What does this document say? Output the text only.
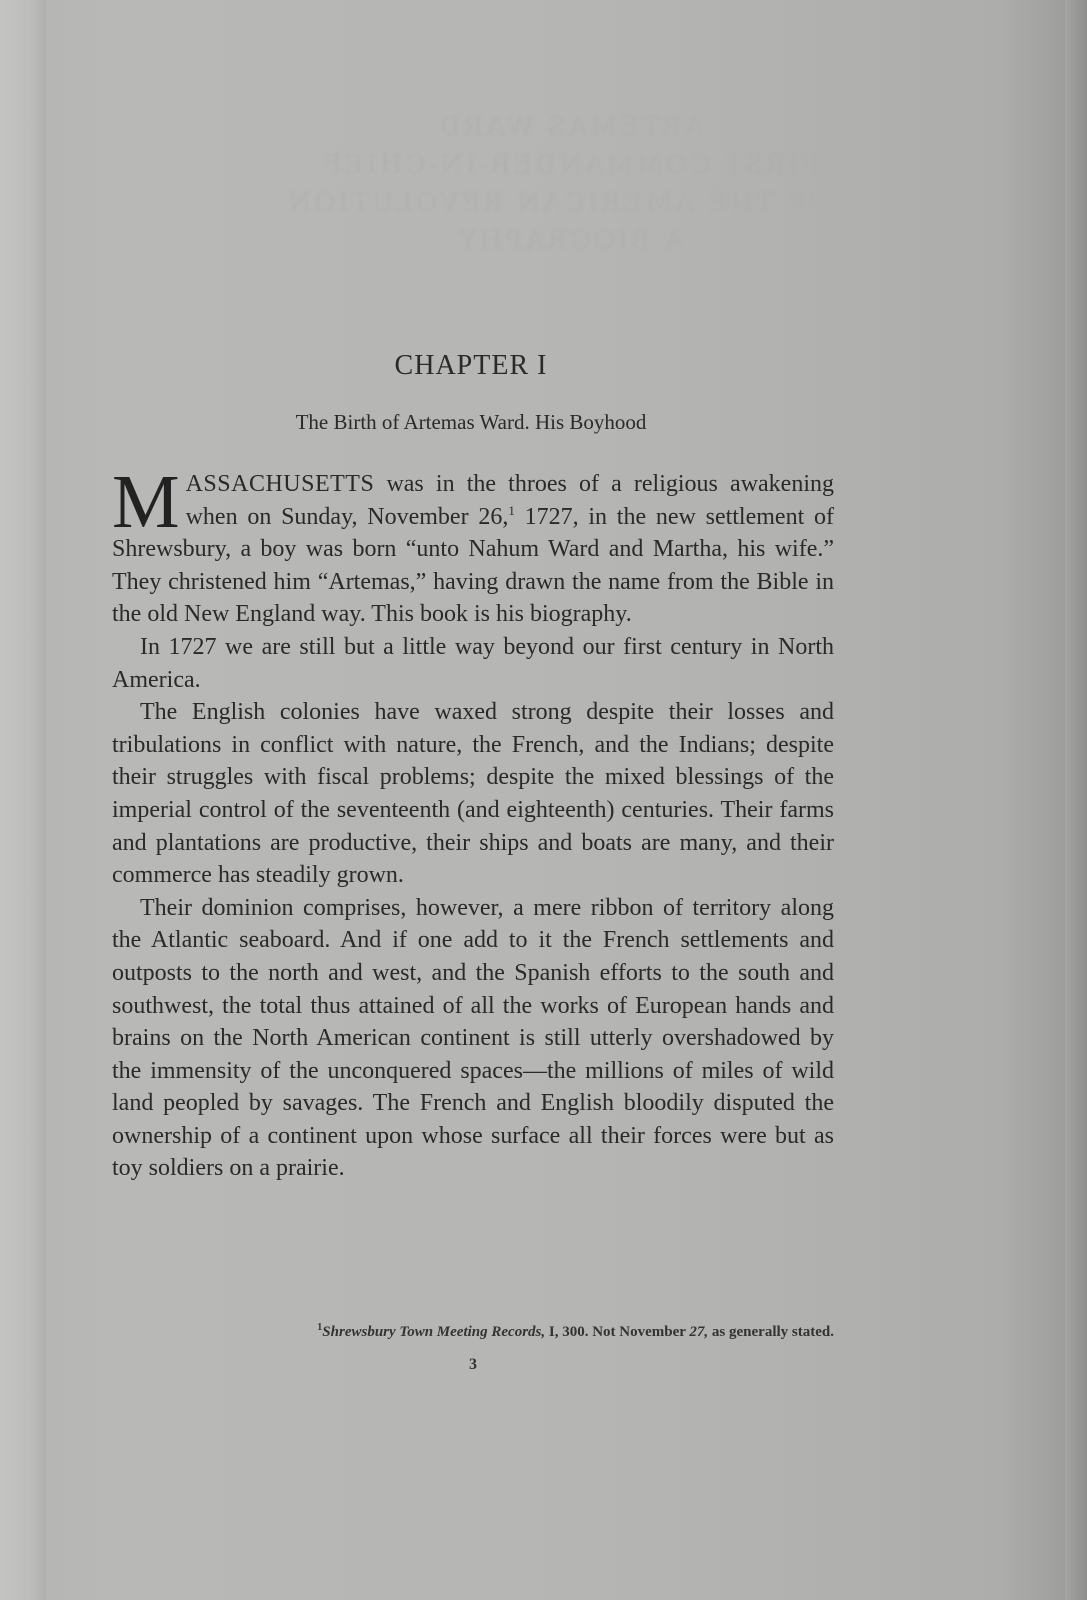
ARTEMAS WARD
FIRST COMMANDER-IN-CHIEF
OF THE AMERICAN REVOLUTION
A BIOGRAPHY
CHAPTER I
The Birth of Artemas Ward. His Boyhood

MASSACHUSETTS was in the throes of a religious awakening when on Sunday, November 26,$^1$ 1727, in the new settlement of Shrewsbury, a boy was born “unto Nahum Ward and Martha, his wife.” They christened him “Artemas,” having drawn the name from the Bible in the old New England way. This book is his biography.

In 1727 we are still but a little way beyond our first century in North America.

The English colonies have waxed strong despite their losses and tribulations in conflict with nature, the French, and the Indians; despite their struggles with fiscal problems; despite the mixed blessings of the imperial control of the seventeenth (and eighteenth) centuries. Their farms and plantations are productive, their ships and boats are many, and their commerce has steadily grown.

Their dominion comprises, however, a mere ribbon of territory along the Atlantic seaboard. And if one add to it the French settlements and outposts to the north and west, and the Spanish efforts to the south and southwest, the total thus attained of all the works of European hands and brains on the North American continent is still utterly overshadowed by the immensity of the unconquered spaces—the millions of miles of wild land peopled by savages. The French and English bloodily disputed the ownership of a continent upon whose surface all their forces were but as toy soldiers on a prairie.

$^1$Shrewsbury Town Meeting Records, I, 300. Not November 27, as generally stated.
3
